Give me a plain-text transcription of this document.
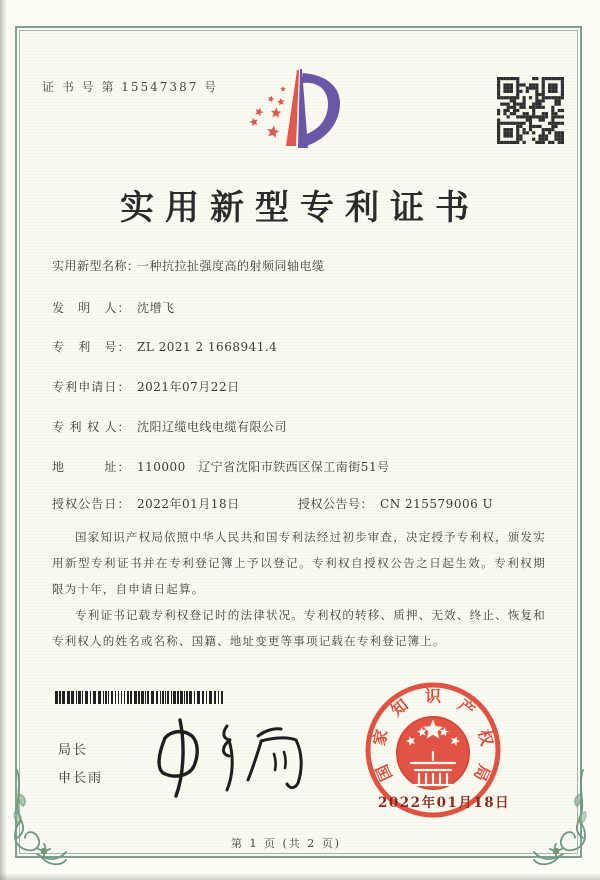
证 书 号 第 15547387 号
实用新型专利证书
实用新型名称：一种抗拉扯强度高的射频同轴电缆
发　明　人： 沈增飞
专　利　号： ZL 2021 2 1668941.4
专利申请日： 2021年07月22日
专 利 权 人： 沈阳辽缆电线电缆有限公司
地　　　址： 110000　辽宁省沈阳市铁西区保工南街51号
授权公告日： 2022年01月18日	授权公告号： CN 215579006 U

国家知识产权局依照中华人民共和国专利法经过初步审查，决定授予专利权，颁发实用新型专利证书并在专利登记簿上予以登记。专利权自授权公告之日起生效。专利权期限为十年，自申请日起算。

专利证书记载专利权登记时的法律状况。专利权的转移、质押、无效、终止、恢复和专利权人的姓名或名称、国籍、地址变更等事项记载在专利登记簿上。

局长
申长雨	国
家
知 识 产
权
局
2022年01月18日
第 1 页 (共 2 页)
